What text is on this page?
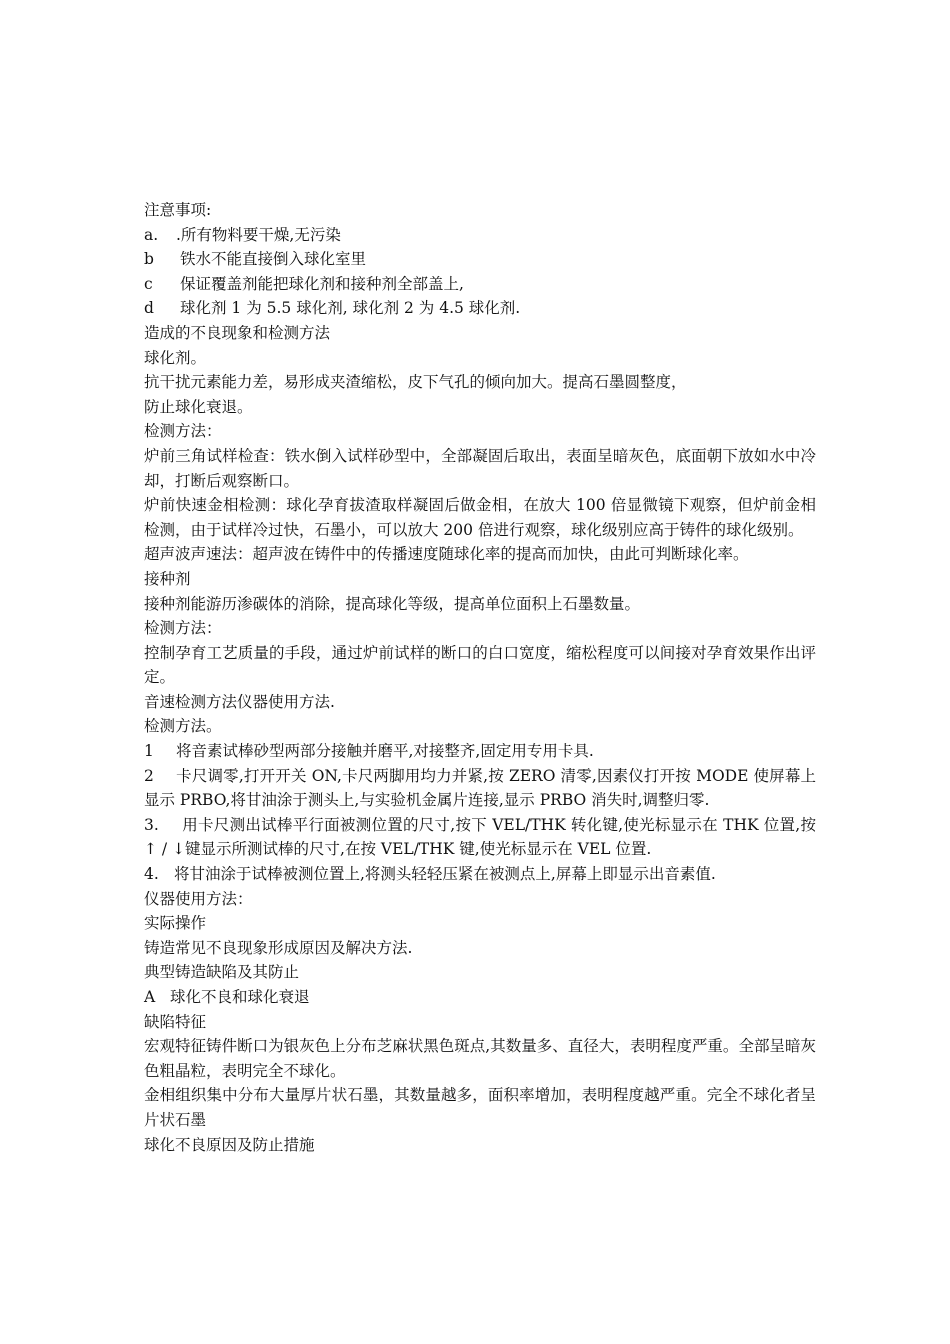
注意事项:

a.	.所有物料要干燥,无污染
b	铁水不能直接倒入球化室里
c	保证覆盖剂能把球化剂和接种剂全部盖上,
d	球化剂 1 为 5.5 球化剂, 球化剂 2 为 4.5 球化剂.

造成的不良现象和检测方法

球化剂。

抗干扰元素能力差，易形成夹渣缩松，皮下气孔的倾向加大。提高石墨圆整度，

防止球化衰退。

检测方法：

炉前三角试样检查：铁水倒入试样砂型中，全部凝固后取出，表面呈暗灰色，底面朝下放如水中冷却，打断后观察断口。

炉前快速金相检测：球化孕育拔渣取样凝固后做金相，在放大 100 倍显微镜下观察，但炉前金相检测，由于试样冷过快，石墨小，可以放大 200 倍进行观察，球化级别应高于铸件的球化级别。

超声波声速法：超声波在铸件中的传播速度随球化率的提高而加快，由此可判断球化率。

接种剂

接种剂能游历渗碳体的消除，提高球化等级，提高单位面积上石墨数量。

检测方法：

控制孕育工艺质量的手段，通过炉前试样的断口的白口宽度，缩松程度可以间接对孕育效果作出评定。

音速检测方法仪器使用方法.

检测方法。

1	将音素试棒砂型两部分接触并磨平,对接整齐,固定用专用卡具.

2 卡尺调零,打开开关 ON,卡尺两脚用均力并紧,按 ZERO 清零,因素仪打开按 MODE 使屏幕上显示 PRBO,将甘油涂于测头上,与实验机金属片连接,显示 PRBO 消失时,调整归零.

3. 用卡尺测出试棒平行面被测位置的尺寸,按下 VEL/THK 转化键,使光标显示在 THK 位置,按↑ / ↓键显示所测试棒的尺寸,在按 VEL/THK 键,使光标显示在 VEL 位置.

4. 将甘油涂于试棒被测位置上,将测头轻轻压紧在被测点上,屏幕上即显示出音素值.

仪器使用方法：

实际操作

铸造常见不良现象形成原因及解决方法.

典型铸造缺陷及其防止

A 球化不良和球化衰退

缺陷特征

宏观特征铸件断口为银灰色上分布芝麻状黑色斑点,其数量多、直径大，表明程度严重。全部呈暗灰色粗晶粒，表明完全不球化。

金相组织集中分布大量厚片状石墨，其数量越多，面积率增加，表明程度越严重。完全不球化者呈片状石墨

球化不良原因及防止措施
